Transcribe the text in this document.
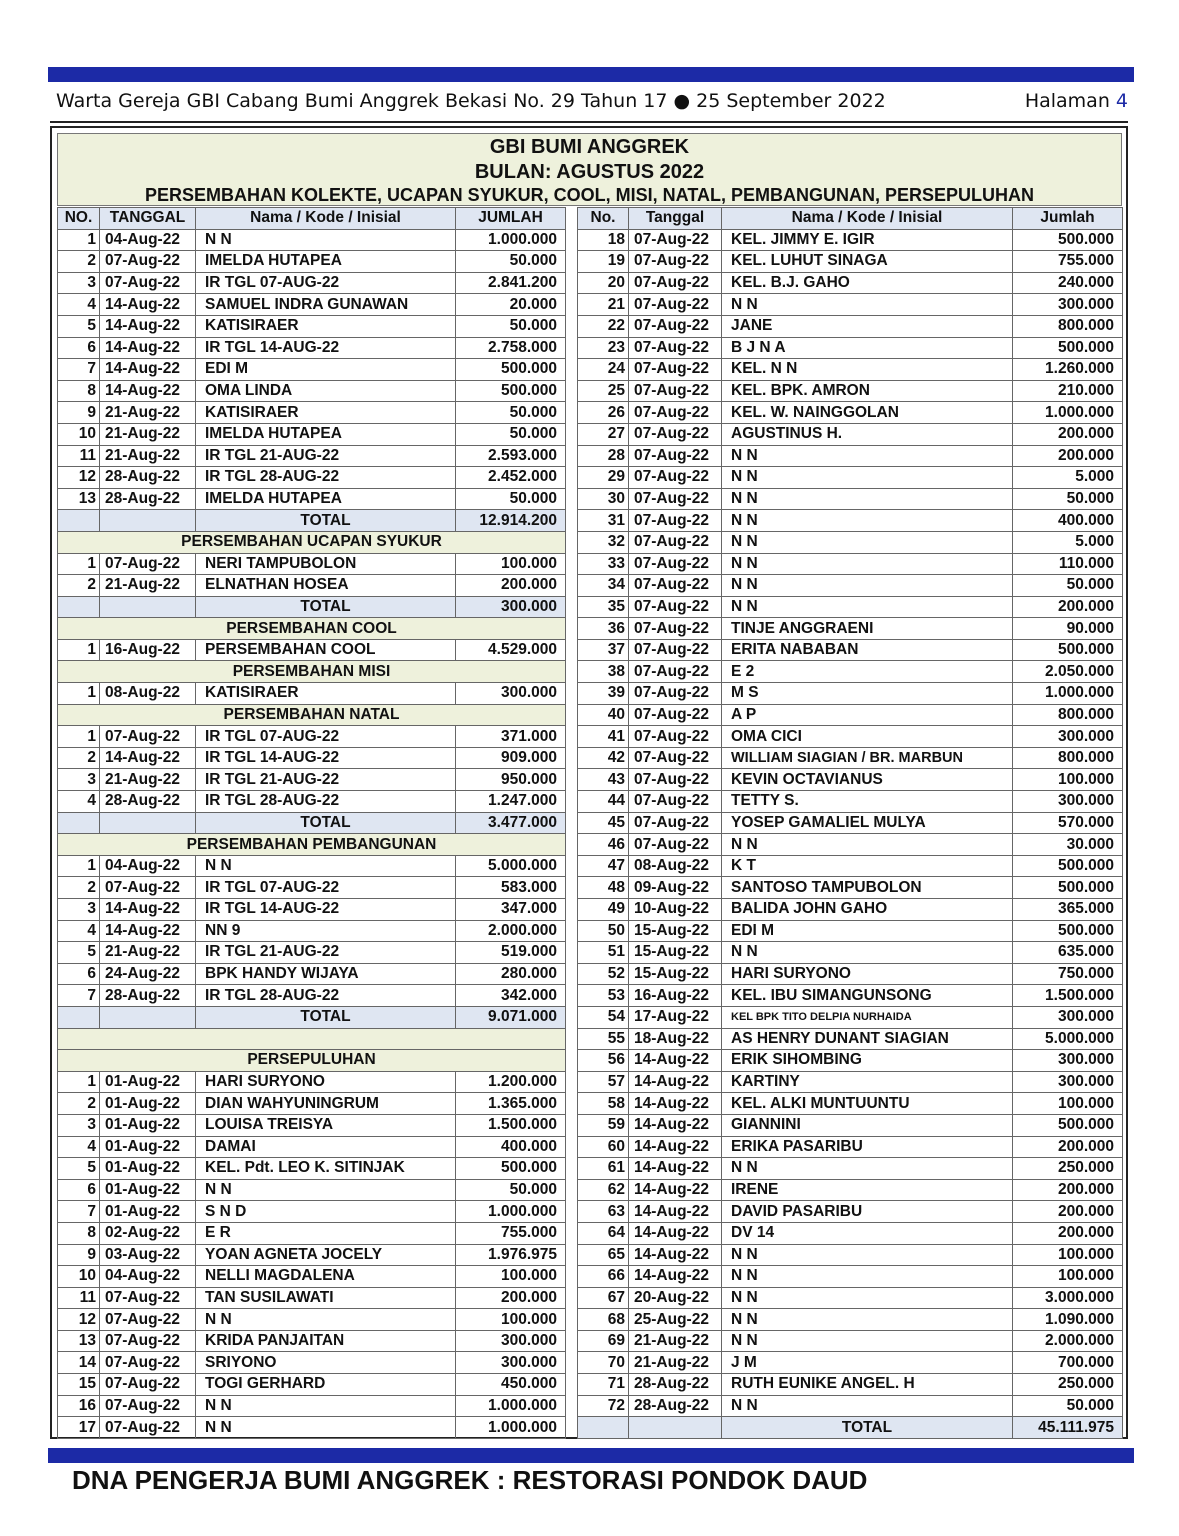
Warta Gereja GBI Cabang Bumi Anggrek Bekasi No. 29 Tahun 17 ● 25 September 2022	Halaman 4
GBI BUMI ANGGREK
BULAN: AGUSTUS 2022
PERSEMBAHAN KOLEKTE, UCAPAN SYUKUR, COOL, MISI, NATAL, PEMBANGUNAN, PERSEPULUHAN
NO.	TANGGAL	Nama / Kode / Inisial	JUMLAH
1	04-Aug-22	N N	1.000.000
2	07-Aug-22	IMELDA HUTAPEA	50.000
3	07-Aug-22	IR TGL 07-AUG-22	2.841.200
4	14-Aug-22	SAMUEL INDRA GUNAWAN	20.000
5	14-Aug-22	KATISIRAER	50.000
6	14-Aug-22	IR TGL 14-AUG-22	2.758.000
7	14-Aug-22	EDI M	500.000
8	14-Aug-22	OMA LINDA	500.000
9	21-Aug-22	KATISIRAER	50.000
10	21-Aug-22	IMELDA HUTAPEA	50.000
11	21-Aug-22	IR TGL 21-AUG-22	2.593.000
12	28-Aug-22	IR TGL 28-AUG-22	2.452.000
13	28-Aug-22	IMELDA HUTAPEA	50.000
		TOTAL	12.914.200
PERSEMBAHAN UCAPAN SYUKUR			
1	07-Aug-22	NERI TAMPUBOLON	100.000
2	21-Aug-22	ELNATHAN HOSEA	200.000
		TOTAL	300.000
PERSEMBAHAN COOL			
1	16-Aug-22	PERSEMBAHAN COOL	4.529.000
PERSEMBAHAN MISI			
1	08-Aug-22	KATISIRAER	300.000
PERSEMBAHAN NATAL			
1	07-Aug-22	IR TGL 07-AUG-22	371.000
2	14-Aug-22	IR TGL 14-AUG-22	909.000
3	21-Aug-22	IR TGL 21-AUG-22	950.000
4	28-Aug-22	IR TGL 28-AUG-22	1.247.000
		TOTAL	3.477.000
PERSEMBAHAN PEMBANGUNAN			
1	04-Aug-22	N N	5.000.000
2	07-Aug-22	IR TGL 07-AUG-22	583.000
3	14-Aug-22	IR TGL 14-AUG-22	347.000
4	14-Aug-22	NN 9	2.000.000
5	21-Aug-22	IR TGL 21-AUG-22	519.000
6	24-Aug-22	BPK HANDY WIJAYA	280.000
7	28-Aug-22	IR TGL 28-AUG-22	342.000
		TOTAL	9.071.000

PERSEPULUHAN			
1	01-Aug-22	HARI SURYONO	1.200.000
2	01-Aug-22	DIAN WAHYUNINGRUM	1.365.000
3	01-Aug-22	LOUISA TREISYA	1.500.000
4	01-Aug-22	DAMAI	400.000
5	01-Aug-22	KEL. Pdt. LEO K. SITINJAK	500.000
6	01-Aug-22	N N	50.000
7	01-Aug-22	S N D	1.000.000
8	02-Aug-22	E R	755.000
9	03-Aug-22	YOAN AGNETA JOCELY	1.976.975
10	04-Aug-22	NELLI MAGDALENA	100.000
11	07-Aug-22	TAN SUSILAWATI	200.000
12	07-Aug-22	N N	100.000
13	07-Aug-22	KRIDA PANJAITAN	300.000
14	07-Aug-22	SRIYONO	300.000
15	07-Aug-22	TOGI GERHARD	450.000
16	07-Aug-22	N N	1.000.000
17	07-Aug-22	N N	1.000.000
No.	Tanggal	Nama / Kode / Inisial	Jumlah
18	07-Aug-22	KEL. JIMMY E. IGIR	500.000
19	07-Aug-22	KEL. LUHUT SINAGA	755.000
20	07-Aug-22	KEL. B.J. GAHO	240.000
21	07-Aug-22	N N	300.000
22	07-Aug-22	JANE	800.000
23	07-Aug-22	B J N A	500.000
24	07-Aug-22	KEL. N N	1.260.000
25	07-Aug-22	KEL. BPK. AMRON	210.000
26	07-Aug-22	KEL. W. NAINGGOLAN	1.000.000
27	07-Aug-22	AGUSTINUS H.	200.000
28	07-Aug-22	N N	200.000
29	07-Aug-22	N N	5.000
30	07-Aug-22	N N	50.000
31	07-Aug-22	N N	400.000
32	07-Aug-22	N N	5.000
33	07-Aug-22	N N	110.000
34	07-Aug-22	N N	50.000
35	07-Aug-22	N N	200.000
36	07-Aug-22	TINJE ANGGRAENI	90.000
37	07-Aug-22	ERITA NABABAN	500.000
38	07-Aug-22	E 2	2.050.000
39	07-Aug-22	M S	1.000.000
40	07-Aug-22	A P	800.000
41	07-Aug-22	OMA CICI	300.000
42	07-Aug-22	WILLIAM SIAGIAN / BR. MARBUN	800.000
43	07-Aug-22	KEVIN OCTAVIANUS	100.000
44	07-Aug-22	TETTY S.	300.000
45	07-Aug-22	YOSEP GAMALIEL MULYA	570.000
46	07-Aug-22	N N	30.000
47	08-Aug-22	K T	500.000
48	09-Aug-22	SANTOSO TAMPUBOLON	500.000
49	10-Aug-22	BALIDA JOHN GAHO	365.000
50	15-Aug-22	EDI M	500.000
51	15-Aug-22	N N	635.000
52	15-Aug-22	HARI SURYONO	750.000
53	16-Aug-22	KEL. IBU SIMANGUNSONG	1.500.000
54	17-Aug-22	KEL BPK TITO DELPIA NURHAIDA	300.000
55	18-Aug-22	AS HENRY DUNANT SIAGIAN	5.000.000
56	14-Aug-22	ERIK SIHOMBING	300.000
57	14-Aug-22	KARTINY	300.000
58	14-Aug-22	KEL. ALKI MUNTUUNTU	100.000
59	14-Aug-22	GIANNINI	500.000
60	14-Aug-22	ERIKA PASARIBU	200.000
61	14-Aug-22	N N	250.000
62	14-Aug-22	IRENE	200.000
63	14-Aug-22	DAVID PASARIBU	200.000
64	14-Aug-22	DV 14	200.000
65	14-Aug-22	N N	100.000
66	14-Aug-22	N N	100.000
67	20-Aug-22	N N	3.000.000
68	25-Aug-22	N N	1.090.000
69	21-Aug-22	N N	2.000.000
70	21-Aug-22	J M	700.000
71	28-Aug-22	RUTH EUNIKE ANGEL. H	250.000
72	28-Aug-22	N N	50.000
		TOTAL	45.111.975
DNA PENGERJA BUMI ANGGREK : RESTORASI PONDOK DAUD
